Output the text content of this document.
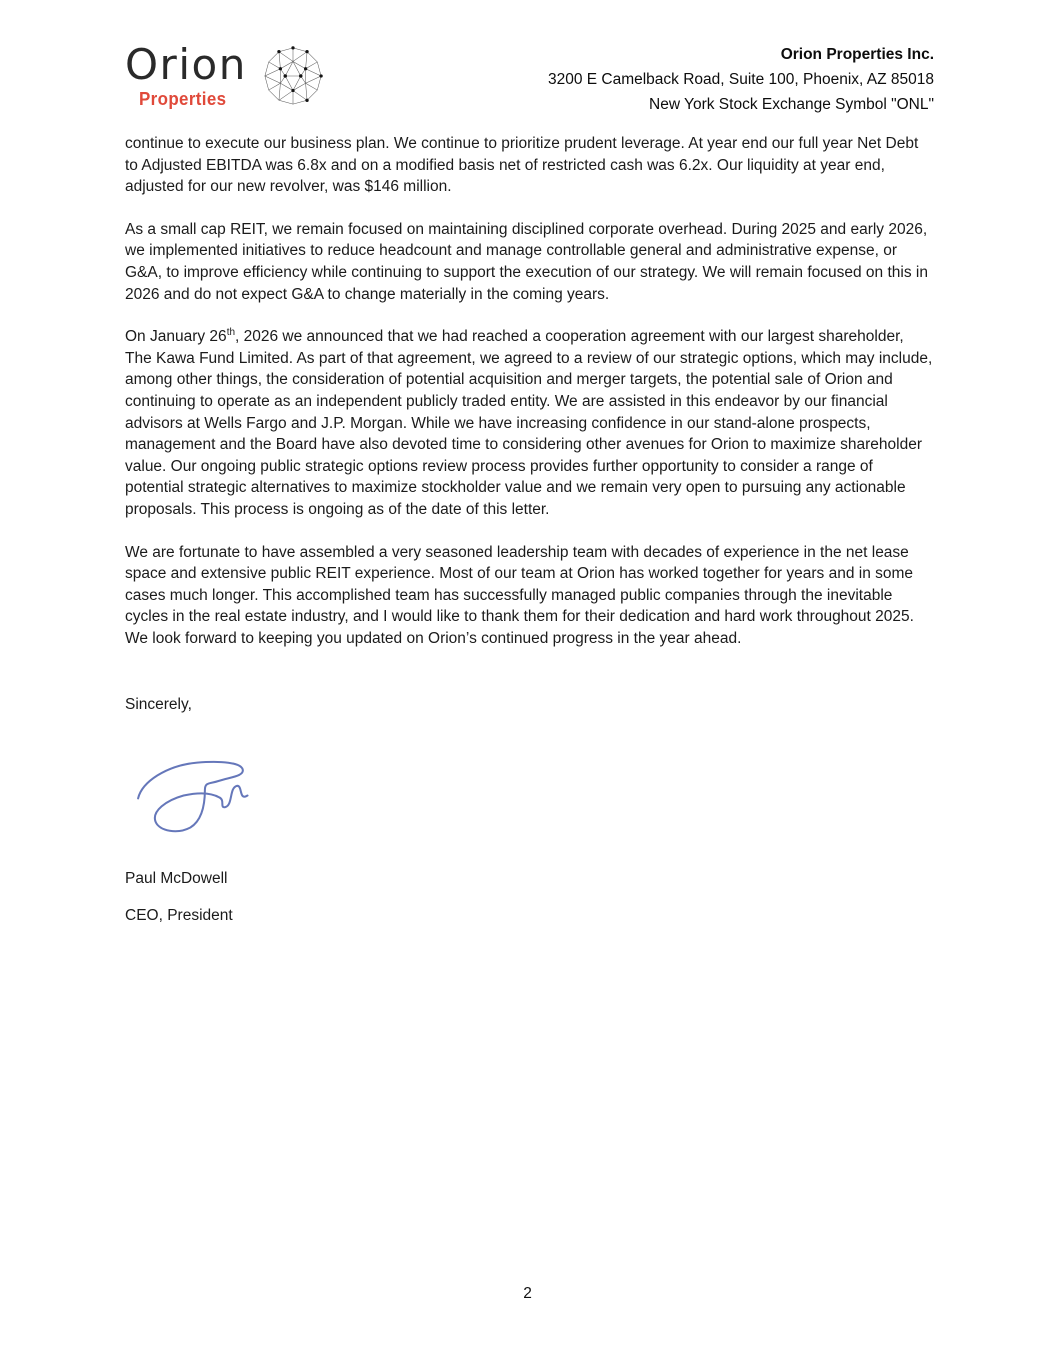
Orion
Properties
Orion Properties Inc.
3200 E Camelback Road, Suite 100, Phoenix, AZ 85018
New York Stock Exchange Symbol "ONL"

continue to execute our business plan. We continue to prioritize prudent leverage. At year end our full year Net Debt to Adjusted EBITDA was 6.8x and on a modified basis net of restricted cash was 6.2x. Our liquidity at year end, adjusted for our new revolver, was $146 million.

As a small cap REIT, we remain focused on maintaining disciplined corporate overhead. During 2025 and early 2026, we implemented initiatives to reduce headcount and manage controllable general and administrative expense, or G&A, to improve efficiency while continuing to support the execution of our strategy. We will remain focused on this in 2026 and do not expect G&A to change materially in the coming years.

On January 26th, 2026 we announced that we had reached a cooperation agreement with our largest shareholder, The Kawa Fund Limited. As part of that agreement, we agreed to a review of our strategic options, which may include, among other things, the consideration of potential acquisition and merger targets, the potential sale of Orion and continuing to operate as an independent publicly traded entity. We are assisted in this endeavor by our financial advisors at Wells Fargo and J.P. Morgan. While we have increasing confidence in our stand-alone prospects, management and the Board have also devoted time to considering other avenues for Orion to maximize shareholder value. Our ongoing public strategic options review process provides further opportunity to consider a range of potential strategic alternatives to maximize stockholder value and we remain very open to pursuing any actionable proposals. This process is ongoing as of the date of this letter.

We are fortunate to have assembled a very seasoned leadership team with decades of experience in the net lease space and extensive public REIT experience. Most of our team at Orion has worked together for years and in some cases much longer. This accomplished team has successfully managed public companies through the inevitable cycles in the real estate industry, and I would like to thank them for their dedication and hard work throughout 2025. We look forward to keeping you updated on Orion’s continued progress in the year ahead.

Sincerely,

Paul McDowell

CEO, President

2
